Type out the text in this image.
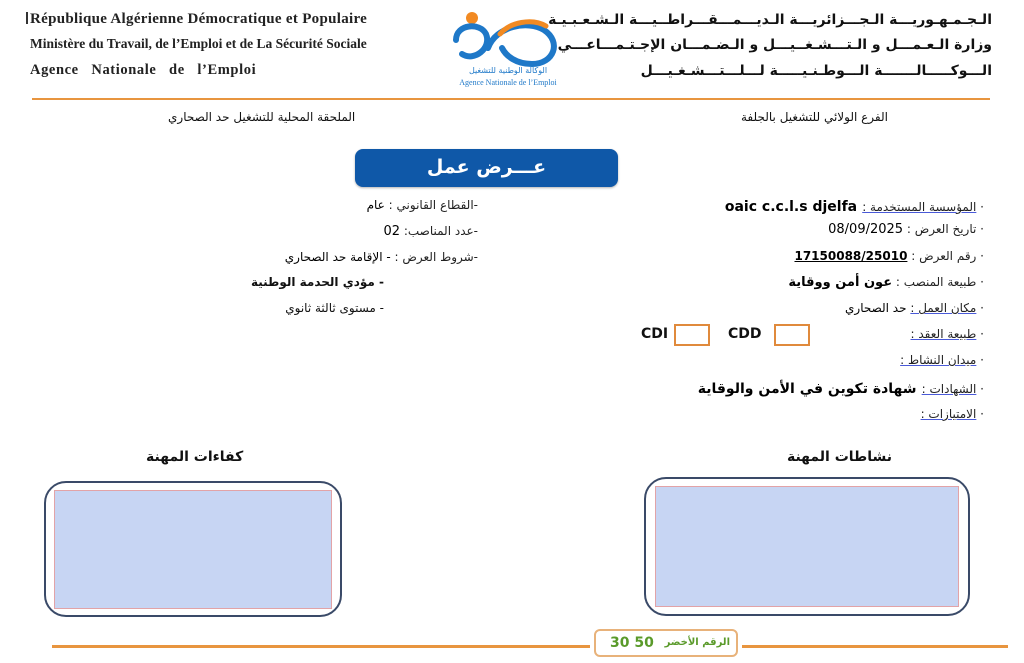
République Algérienne Démocratique et Populaire
Ministère du Travail, de l’Emploi et de La Sécurité Sociale
Agence   Nationale   de   l’Emploi	الوكالة الوطنية للتشغيل
Agence Nationale de l’Emploi
الـجـمـهـوريـــة الـجـــزائريـــة الـديـــمـــقـــراطــيـــة الـشـعـبـيـة
وزارة الـعـمـــل و الـتـــشـغــيـــل و الـضـمـــان الإجـتـمـــاعـــي
الـــوكـــــالـــــــة الـــوطـنـيـــــة لـــلـــتـــشـغـيـــل
الفرع الولائي للتشغيل بالجلفة
الملحقة المحلية للتشغيل حد الصحاري
عـــرض عمل
· المؤسسة المستخدمة : oaic c.c.l.s djelfa
· تاريخ العرض : 08/09/2025
· رقم العرض : 17150088/25010
· طبيعة المنصب : عون أمن ووقاية
· مكان العمل : حد الصحاري
· طبيعة العقد :
CDD
CDI
· ميدان النشاط :
· الشهادات : شهادة تكوين في الأمن والوقاية
· الامتيازات :
-القطاع القانوني : عام
-عدد المناصب: 02
-شروط العرض : - الإقامة حد الصحاري
- مؤدي الحدمة الوطنية
- مستوى ثالثة ثانوي
نشاطات المهنة
كفاءات المهنة
الرقم الأخضر
30 50
